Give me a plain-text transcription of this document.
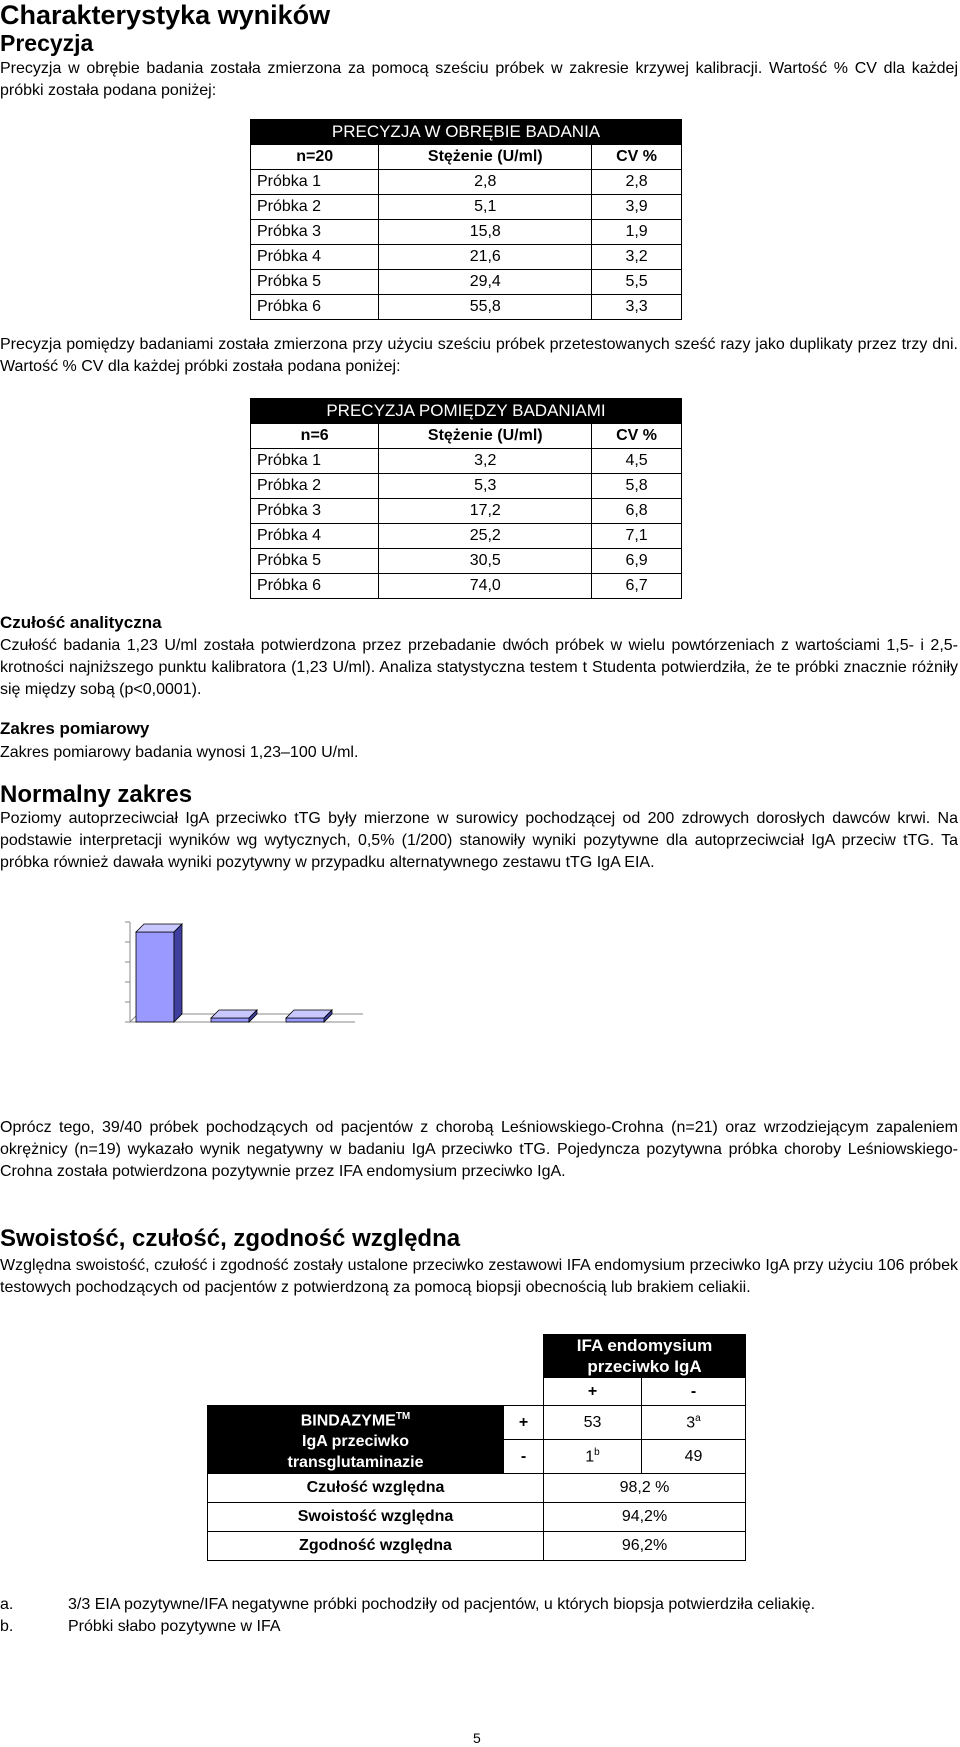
Charakterystyka wyników
Precyzja
Precyzja w obrębie badania została zmierzona za pomocą sześciu próbek w zakresie krzywej kalibracji. Wartość % CV dla każdej próbki została podana poniżej:
PRECYZJA W OBRĘBIE BADANIA		
n=20	Stężenie (U/ml)	CV %
Próbka 1	2,8	2,8
Próbka 2	5,1	3,9
Próbka 3	15,8	1,9
Próbka 4	21,6	3,2
Próbka 5	29,4	5,5
Próbka 6	55,8	3,3
Precyzja pomiędzy badaniami została zmierzona przy użyciu sześciu próbek przetestowanych sześć razy jako duplikaty przez trzy dni. Wartość % CV dla każdej próbki została podana poniżej:
PRECYZJA POMIĘDZY BADANIAMI		
n=6	Stężenie (U/ml)	CV %
Próbka 1	3,2	4,5
Próbka 2	5,3	5,8
Próbka 3	17,2	6,8
Próbka 4	25,2	7,1
Próbka 5	30,5	6,9
Próbka 6	74,0	6,7
Czułość analityczna
Czułość badania 1,23 U/ml została potwierdzona przez przebadanie dwóch próbek w wielu powtórzeniach z wartościami 1,5- i 2,5-krotności najniższego punktu kalibratora (1,23 U/ml). Analiza statystyczna testem t Studenta potwierdziła, że te próbki znacznie różniły się między sobą (p<0,0001).
Zakres pomiarowy
Zakres pomiarowy badania wynosi 1,23–100 U/ml.
Normalny zakres
Poziomy autoprzeciwciał IgA przeciwko tTG były mierzone w surowicy pochodzącej od 200 zdrowych dorosłych dawców krwi. Na podstawie interpretacji wyników wg wytycznych, 0,5% (1/200) stanowiły wyniki pozytywne dla autoprzeciwciał IgA przeciw tTG. Ta próbka również dawała wyniki pozytywny w przypadku alternatywnego zestawu tTG IgA EIA.
Oprócz tego, 39/40 próbek pochodzących od pacjentów z chorobą Leśniowskiego-Crohna (n=21) oraz wrzodziejącym zapaleniem okrężnicy (n=19) wykazało wynik negatywny w badaniu IgA przeciwko tTG. Pojedyncza pozytywna próbka choroby Leśniowskiego-Crohna została potwierdzona pozytywnie przez IFA endomysium przeciwko IgA.
Swoistość, czułość, zgodność względna
Względna swoistość, czułość i zgodność zostały ustalone przeciwko zestawowi IFA endomysium przeciwko IgA przy użyciu 106 próbek testowych pochodzących od pacjentów z potwierdzoną za pomocą biopsji obecnością lub brakiem celiakii.
		IFA endomysium przeciwko IgA	
		+	-
BINDAZYME™
IgA przeciwko
transglutaminazie	+	53	3$^a$
	-	1$^b$	49
Czułość względna		98,2 %	
Swoistość względna		94,2%	
Zgodność względna		96,2%	
a.	3/3 EIA pozytywne/IFA negatywne próbki pochodziły od pacjentów, u których biopsja potwierdziła celiakię.
b.	Próbki słabo pozytywne w IFA
5
